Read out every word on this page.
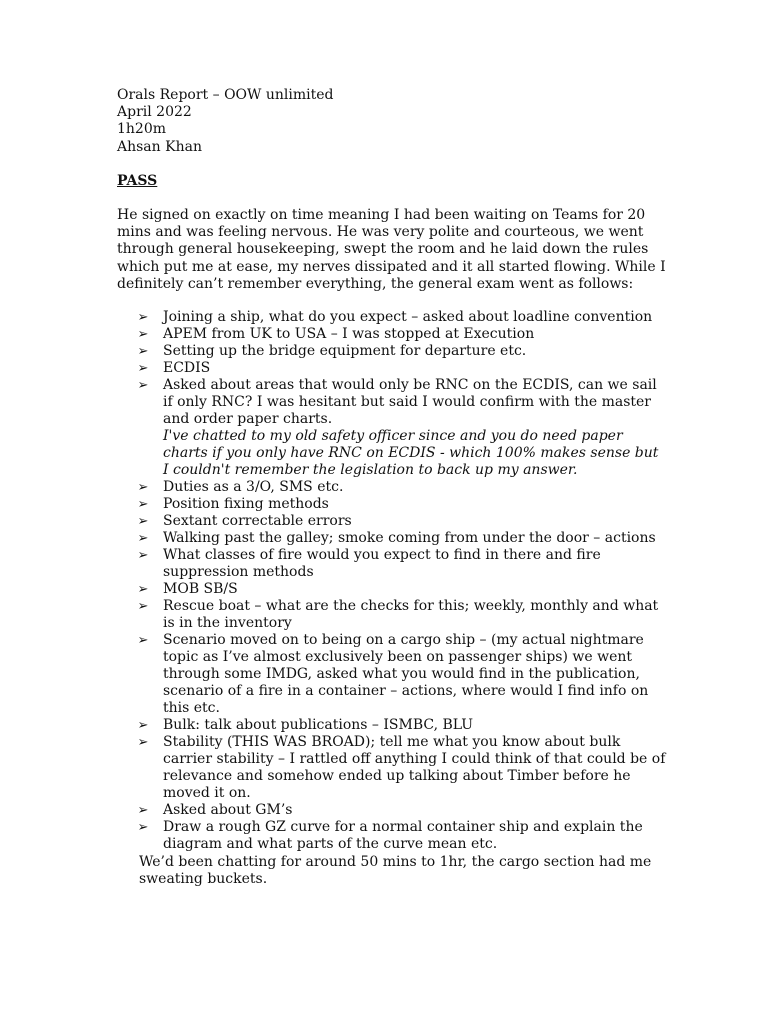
Orals Report – OOW unlimited
April 2022
1h20m
Ahsan Khan
PASS
He signed on exactly on time meaning I had been waiting on Teams for 20 mins and was feeling nervous. He was very polite and courteous, we went through general housekeeping, swept the room and he laid down the rules which put me at ease, my nerves dissipated and it all started flowing. While I definitely can’t remember everything, the general exam went as follows:
➢ Joining a ship, what do you expect – asked about loadline convention
➢ APEM from UK to USA – I was stopped at Execution
➢ Setting up the bridge equipment for departure etc.
➢ ECDIS
➢ Asked about areas that would only be RNC on the ECDIS, can we sail if only RNC? I was hesitant but said I would confirm with the master and order paper charts.
I've chatted to my old safety officer since and you do need paper charts if you only have RNC on ECDIS - which 100% makes sense but I couldn't remember the legislation to back up my answer.
➢ Duties as a 3/O, SMS etc.
➢ Position fixing methods
➢ Sextant correctable errors
➢ Walking past the galley; smoke coming from under the door – actions
➢ What classes of fire would you expect to find in there and fire suppression methods
➢ MOB SB/S
➢ Rescue boat – what are the checks for this; weekly, monthly and what is in the inventory
➢ Scenario moved on to being on a cargo ship – (my actual nightmare topic as I’ve almost exclusively been on passenger ships) we went through some IMDG, asked what you would find in the publication, scenario of a fire in a container – actions, where would I find info on this etc.
➢ Bulk: talk about publications – ISMBC, BLU
➢ Stability (THIS WAS BROAD); tell me what you know about bulk carrier stability – I rattled off anything I could think of that could be of relevance and somehow ended up talking about Timber before he moved it on.
➢ Asked about GM’s
➢ Draw a rough GZ curve for a normal container ship and explain the diagram and what parts of the curve mean etc.
We’d been chatting for around 50 mins to 1hr, the cargo section had me sweating buckets.
